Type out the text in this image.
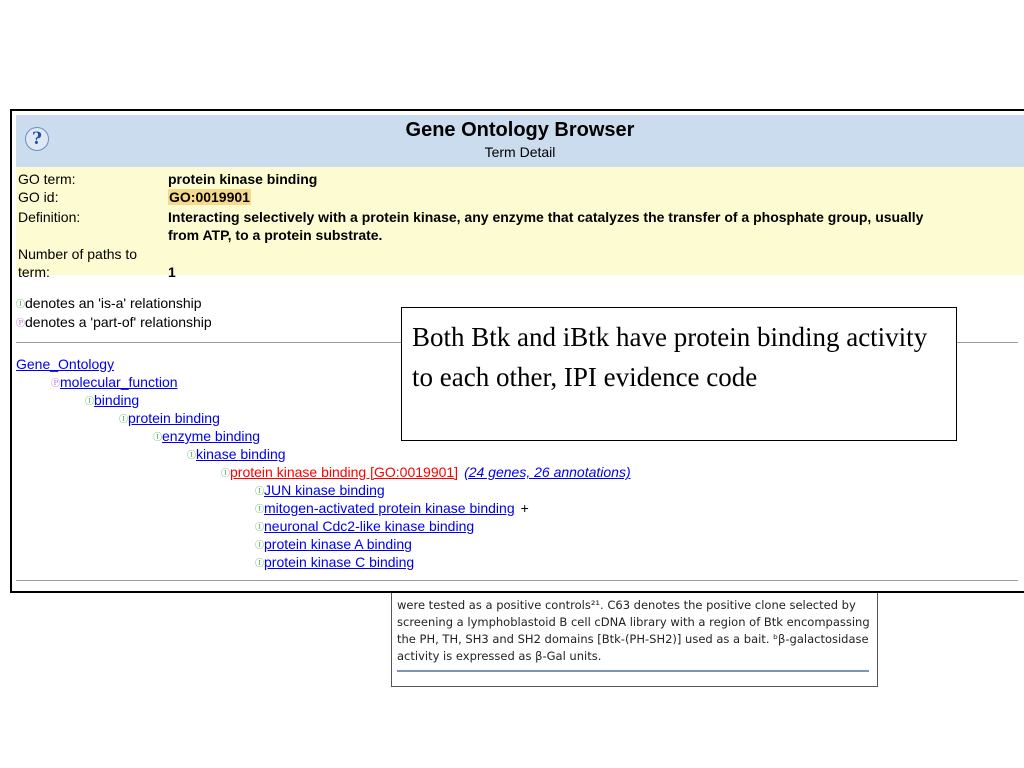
were tested as a positive controls²¹. C63 denotes the positive clone selected by
screening a lymphoblastoid B cell cDNA library with a region of Btk encompassing
the PH, TH, SH3 and SH2 domains [Btk-(PH-SH2)] used as a bait. ᵇβ-galactosidase
activity is expressed as β-Gal units.
?	Gene Ontology Browser
Term Detail
GO term:	protein kinase binding
GO id:	GO:0019901
Definition:	Interacting selectively with a protein kinase, any enzyme that catalyzes the transfer of a phosphate group, usually
from ATP, to a protein substrate.
Number of paths to
term:	1
Ⓘdenotes an 'is-a' relationship
Ⓟdenotes a 'part-of' relationship
Gene_Ontology
Ⓟmolecular_function
Ⓘbinding
Ⓘprotein binding
Ⓘenzyme binding
Ⓘkinase binding
Ⓘprotein kinase binding [GO:0019901] (24 genes, 26 annotations)
ⒾJUN kinase binding
Ⓘmitogen-activated protein kinase binding +
Ⓘneuronal Cdc2-like kinase binding
Ⓘprotein kinase A binding
Ⓘprotein kinase C binding
Both Btk and iBtk have protein binding activity to each other, IPI evidence code
